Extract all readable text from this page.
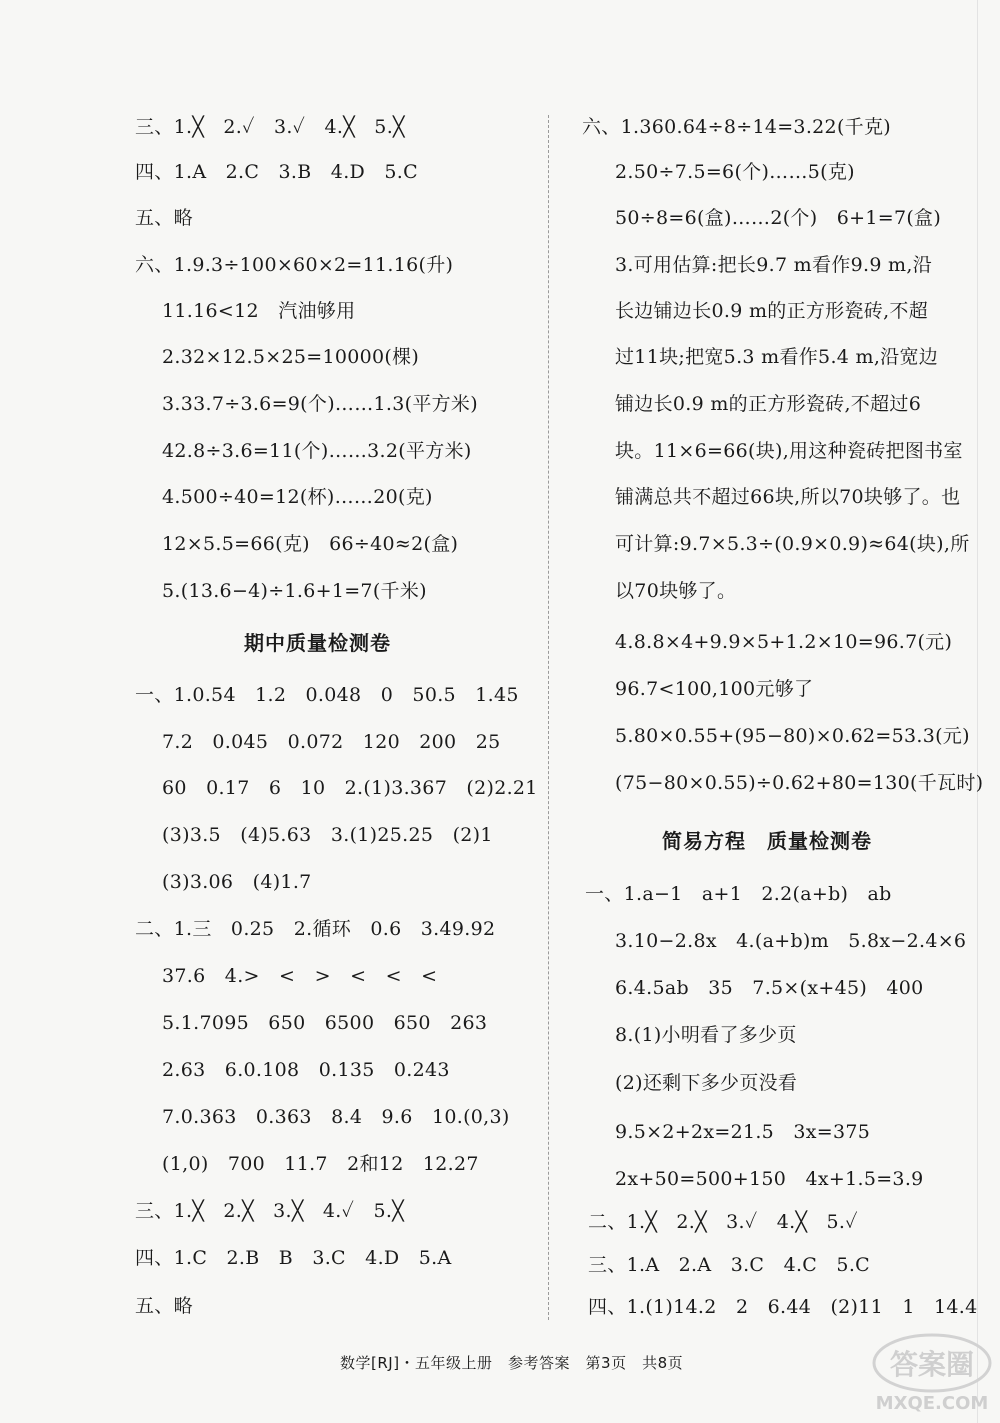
三、1.╳　2.✓　3.✓　4.╳　5.╳
四、1.A　2.C　3.B　4.D　5.C
五、略
六、1.9.3÷100×60×2=11.16(升)
11.16<12　汽油够用
2.32×12.5×25=10000(棵)
3.33.7÷3.6=9(个)……1.3(平方米)
42.8÷3.6=11(个)……3.2(平方米)
4.500÷40=12(杯)……20(克)
12×5.5=66(克)　66÷40≈2(盒)
5.(13.6−4)÷1.6+1=7(千米)
期中质量检测卷
一、1.0.54　1.2　0.048　0　50.5　1.45
7.2　0.045　0.072　120　200　25
60　0.17　6　10　2.(1)3.367　(2)2.21
(3)3.5　(4)5.63　3.(1)25.25　(2)1
(3)3.06　(4)1.7
二、1.三　0.25　2.循环　0.6　3.49.92
37.6　4.>　<　>　<　<　<
5.1.7095　650　6500　650　263
2.63　6.0.108　0.135　0.243
7.0.363　0.363　8.4　9.6　10.(0,3)
(1,0)　700　11.7　2和12　12.27
三、1.╳　2.╳　3.╳　4.✓　5.╳
四、1.C　2.B　B　3.C　4.D　5.A
五、略
六、1.360.64÷8÷14=3.22(千克)
2.50÷7.5=6(个)……5(克)
50÷8=6(盒)……2(个)　6+1=7(盒)
3.可用估算:把长9.7 m看作9.9 m,沿
长边铺边长0.9 m的正方形瓷砖,不超
过11块;把宽5.3 m看作5.4 m,沿宽边
铺边长0.9 m的正方形瓷砖,不超过6
块。11×6=66(块),用这种瓷砖把图书室
铺满总共不超过66块,所以70块够了。也
可计算:9.7×5.3÷(0.9×0.9)≈64(块),所
以70块够了。
4.8.8×4+9.9×5+1.2×10=96.7(元)
96.7<100,100元够了
5.80×0.55+(95−80)×0.62=53.3(元)
(75−80×0.55)÷0.62+80=130(千瓦时)
简易方程　质量检测卷
一、1.a−1　a+1　2.2(a+b)　ab
3.10−2.8x　4.(a+b)m　5.8x−2.4×6
6.4.5ab　35　7.5×(x+45)　400
8.(1)小明看了多少页
(2)还剩下多少页没看
9.5×2+2x=21.5　3x=375
2x+50=500+150　4x+1.5=3.9
二、1.╳　2.╳　3.✓　4.╳　5.✓
三、1.A　2.A　3.C　4.C　5.C
四、1.(1)14.2　2　6.44　(2)11　1　14.4
数学[RJ]・五年级上册　参考答案　第3页　共8页	答案圈
MXQE.COM
